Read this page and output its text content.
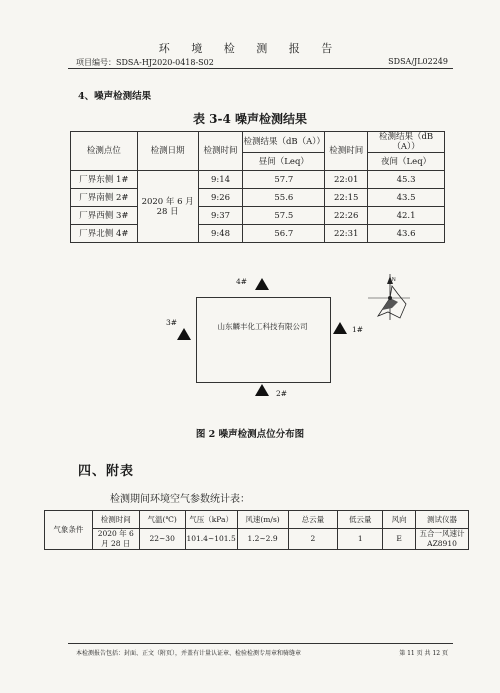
环 境 检 测 报 告
项目编号：SDSA-HJ2020-0418-S02	SDSA/JL02249
4、噪声检测结果
表 3-4 噪声检测结果
检测点位	检测日期	检测时间	检测结果（dB（A））	检测时间	检测结果（dB（A））
			昼间（Leq）		夜间（Leq）
厂界东侧 1#	2020 年 6 月 28 日	9:14	57.7	22:01	45.3
厂界南侧 2#		9:26	55.6	22:15	43.5
厂界西侧 3#		9:37	57.5	22:26	42.1
厂界北侧 4#		9:48	56.7	22:31	43.6
山东麟丰化工科技有限公司
4#
1#
3#
2#
N
图 2 噪声检测点位分布图
四、附表
检测期间环境空气参数统计表：
气象条件	检测时间	气温(℃)	气压（kPa）	风速(m/s)	总云量	低云量	风向	测试仪器
	2020 年 6 月 28 日	22~30	101.4~101.5	1.2~2.9	2	1	E	五合一风速计 AZ8910
本检测报告包括：封面、正文（附页），并盖有计量认证章、检验检测专用章和骑缝章	第 11 页 共 12 页
